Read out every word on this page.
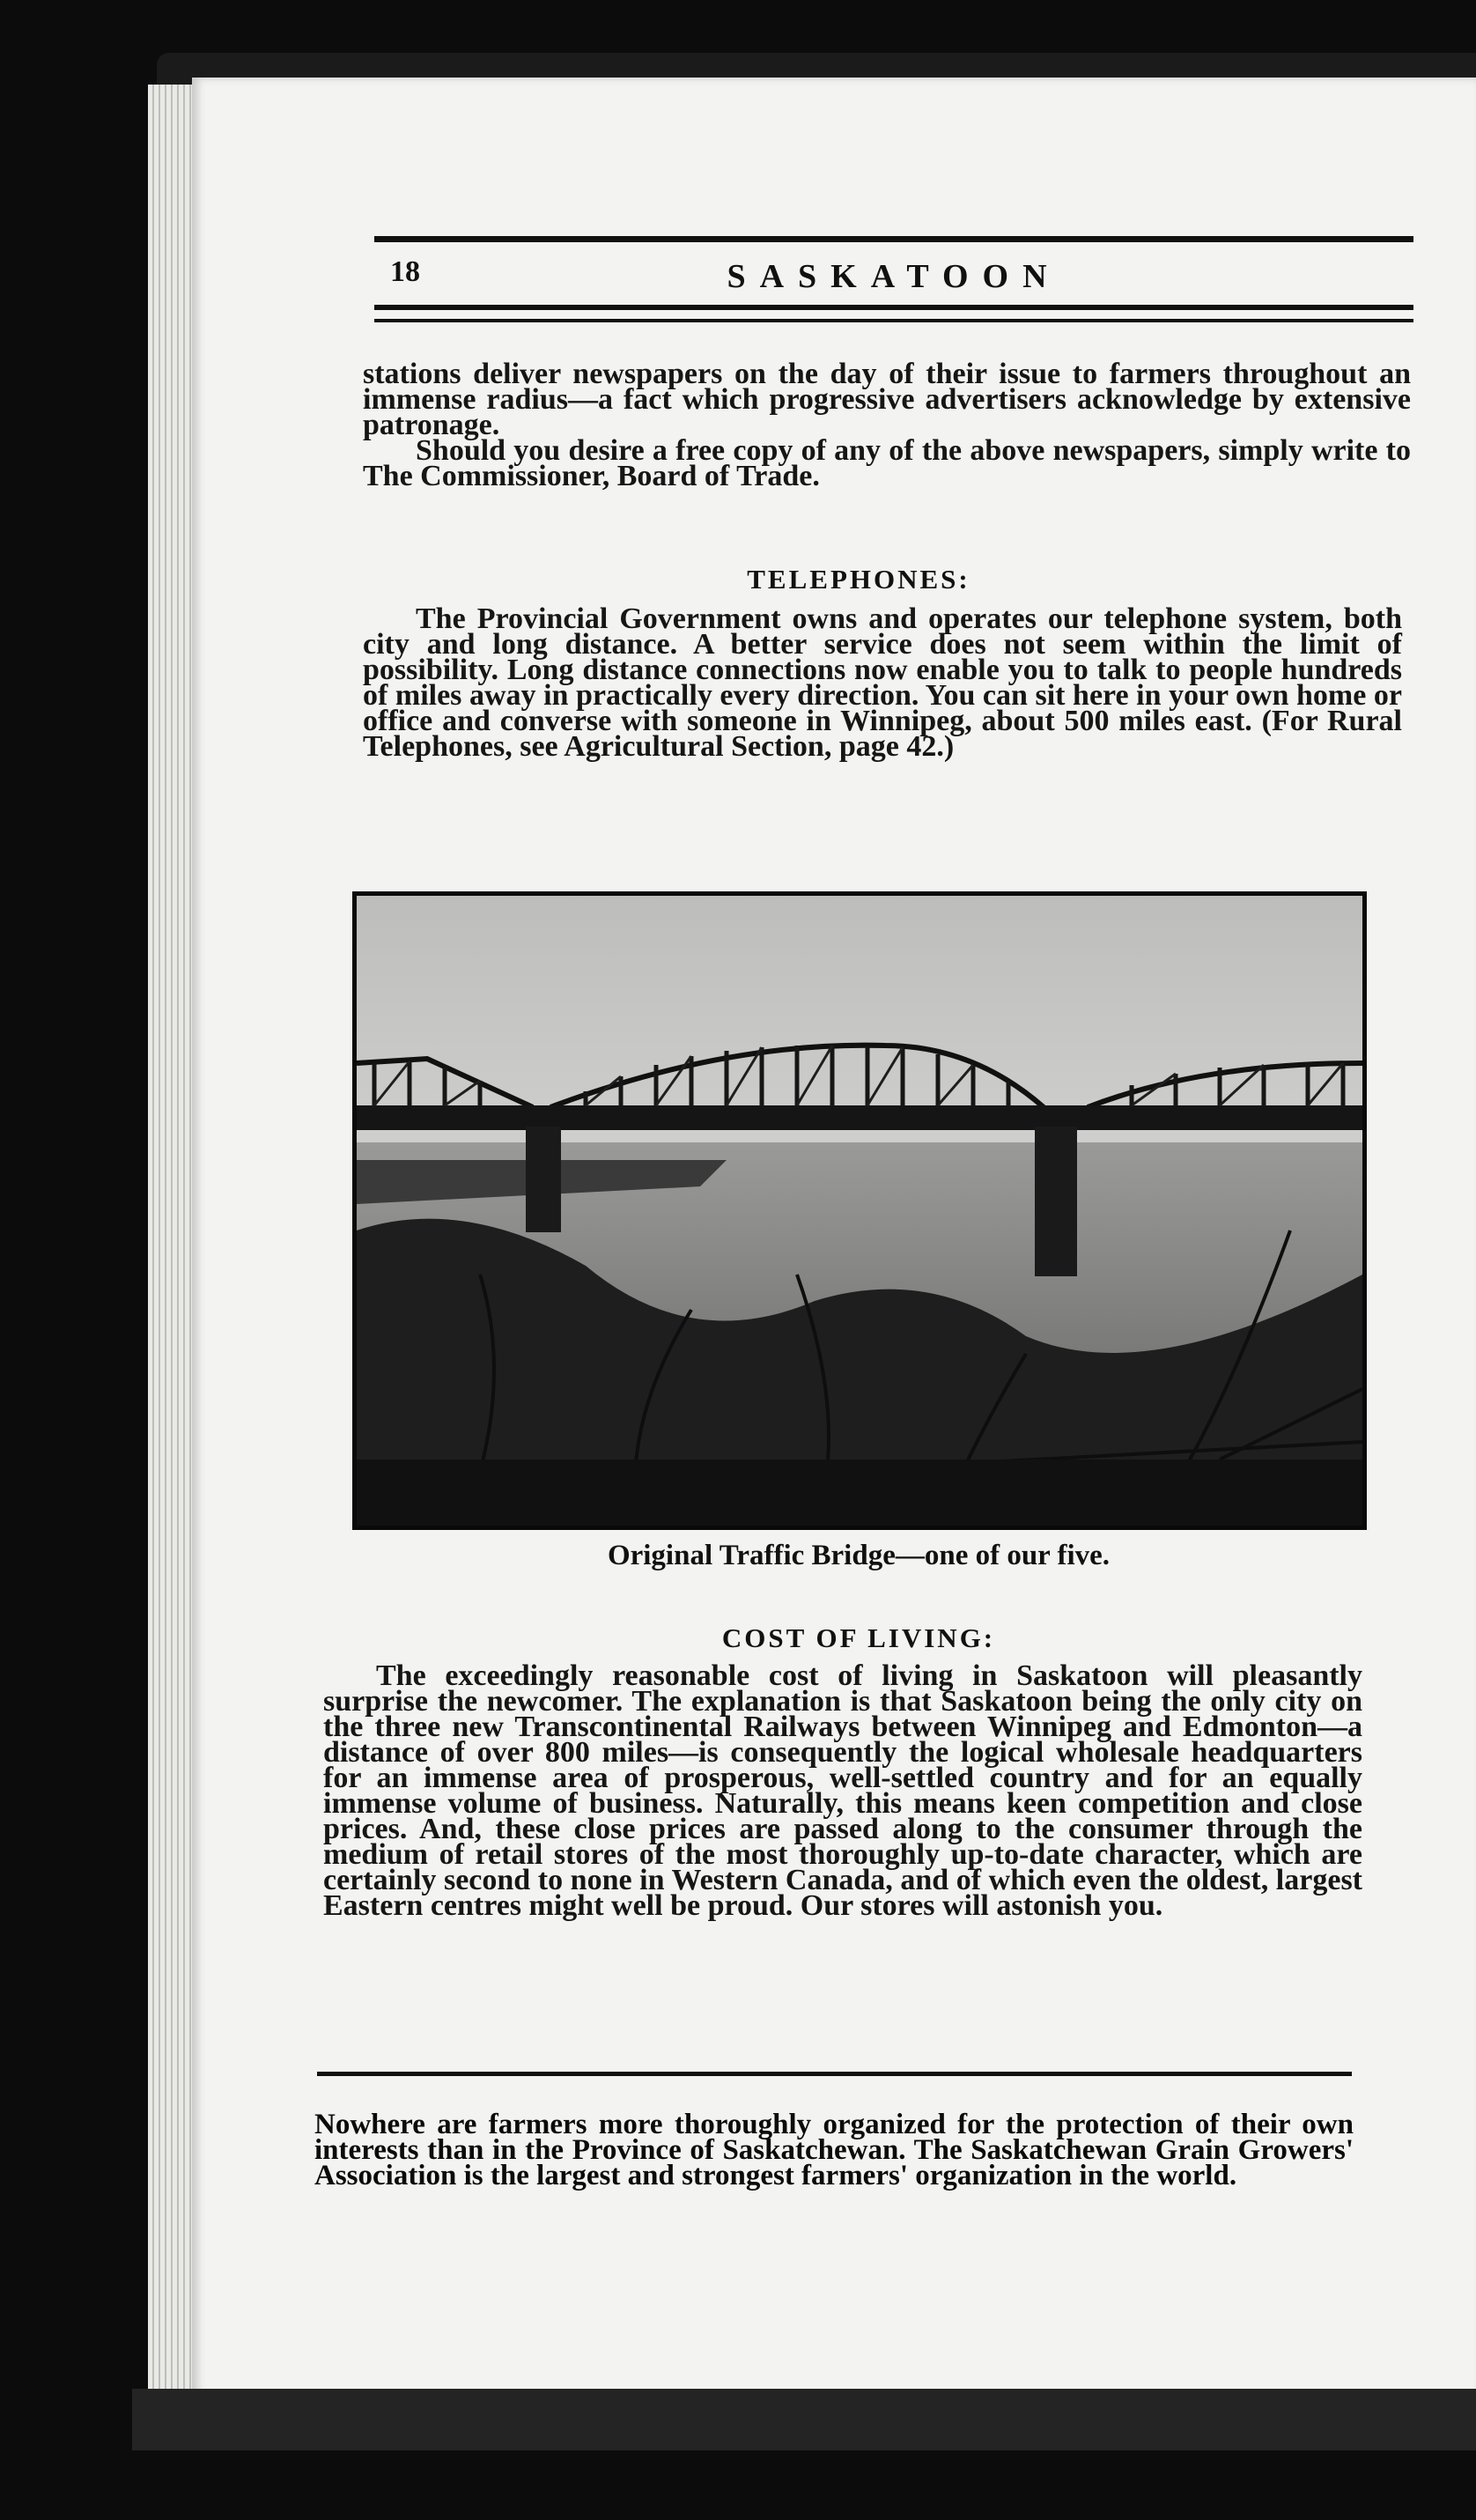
18	SASKATOON

stations deliver newspapers on the day of their issue to farmers throughout an immense radius—a fact which progressive advertisers acknowledge by extensive patronage.

Should you desire a free copy of any of the above newspapers, simply write to The Commissioner, Board of Trade.

TELEPHONES:

The Provincial Government owns and operates our telephone system, both city and long distance. A better service does not seem within the limit of possibility. Long distance connections now enable you to talk to people hundreds of miles away in practically every direction. You can sit here in your own home or office and converse with someone in Winnipeg, about 500 miles east. (For Rural Telephones, see Agricultural Section, page 42.)

Original Traffic Bridge—one of our five.
COST OF LIVING:

The exceedingly reasonable cost of living in Saskatoon will pleasantly surprise the newcomer. The explanation is that Saskatoon being the only city on the three new Transcontinental Railways between Winnipeg and Edmonton—a distance of over 800 miles—is consequently the logical wholesale headquarters for an immense area of prosperous, well-settled country and for an equally immense volume of business. Naturally, this means keen competition and close prices. And, these close prices are passed along to the consumer through the medium of retail stores of the most thoroughly up-to-date character, which are certainly second to none in Western Canada, and of which even the oldest, largest Eastern centres might well be proud. Our stores will astonish you.

Nowhere are farmers more thoroughly organized for the protection of their own interests than in the Province of Saskatchewan. The Saskatchewan Grain Growers' Association is the largest and strongest farmers' organization in the world.
